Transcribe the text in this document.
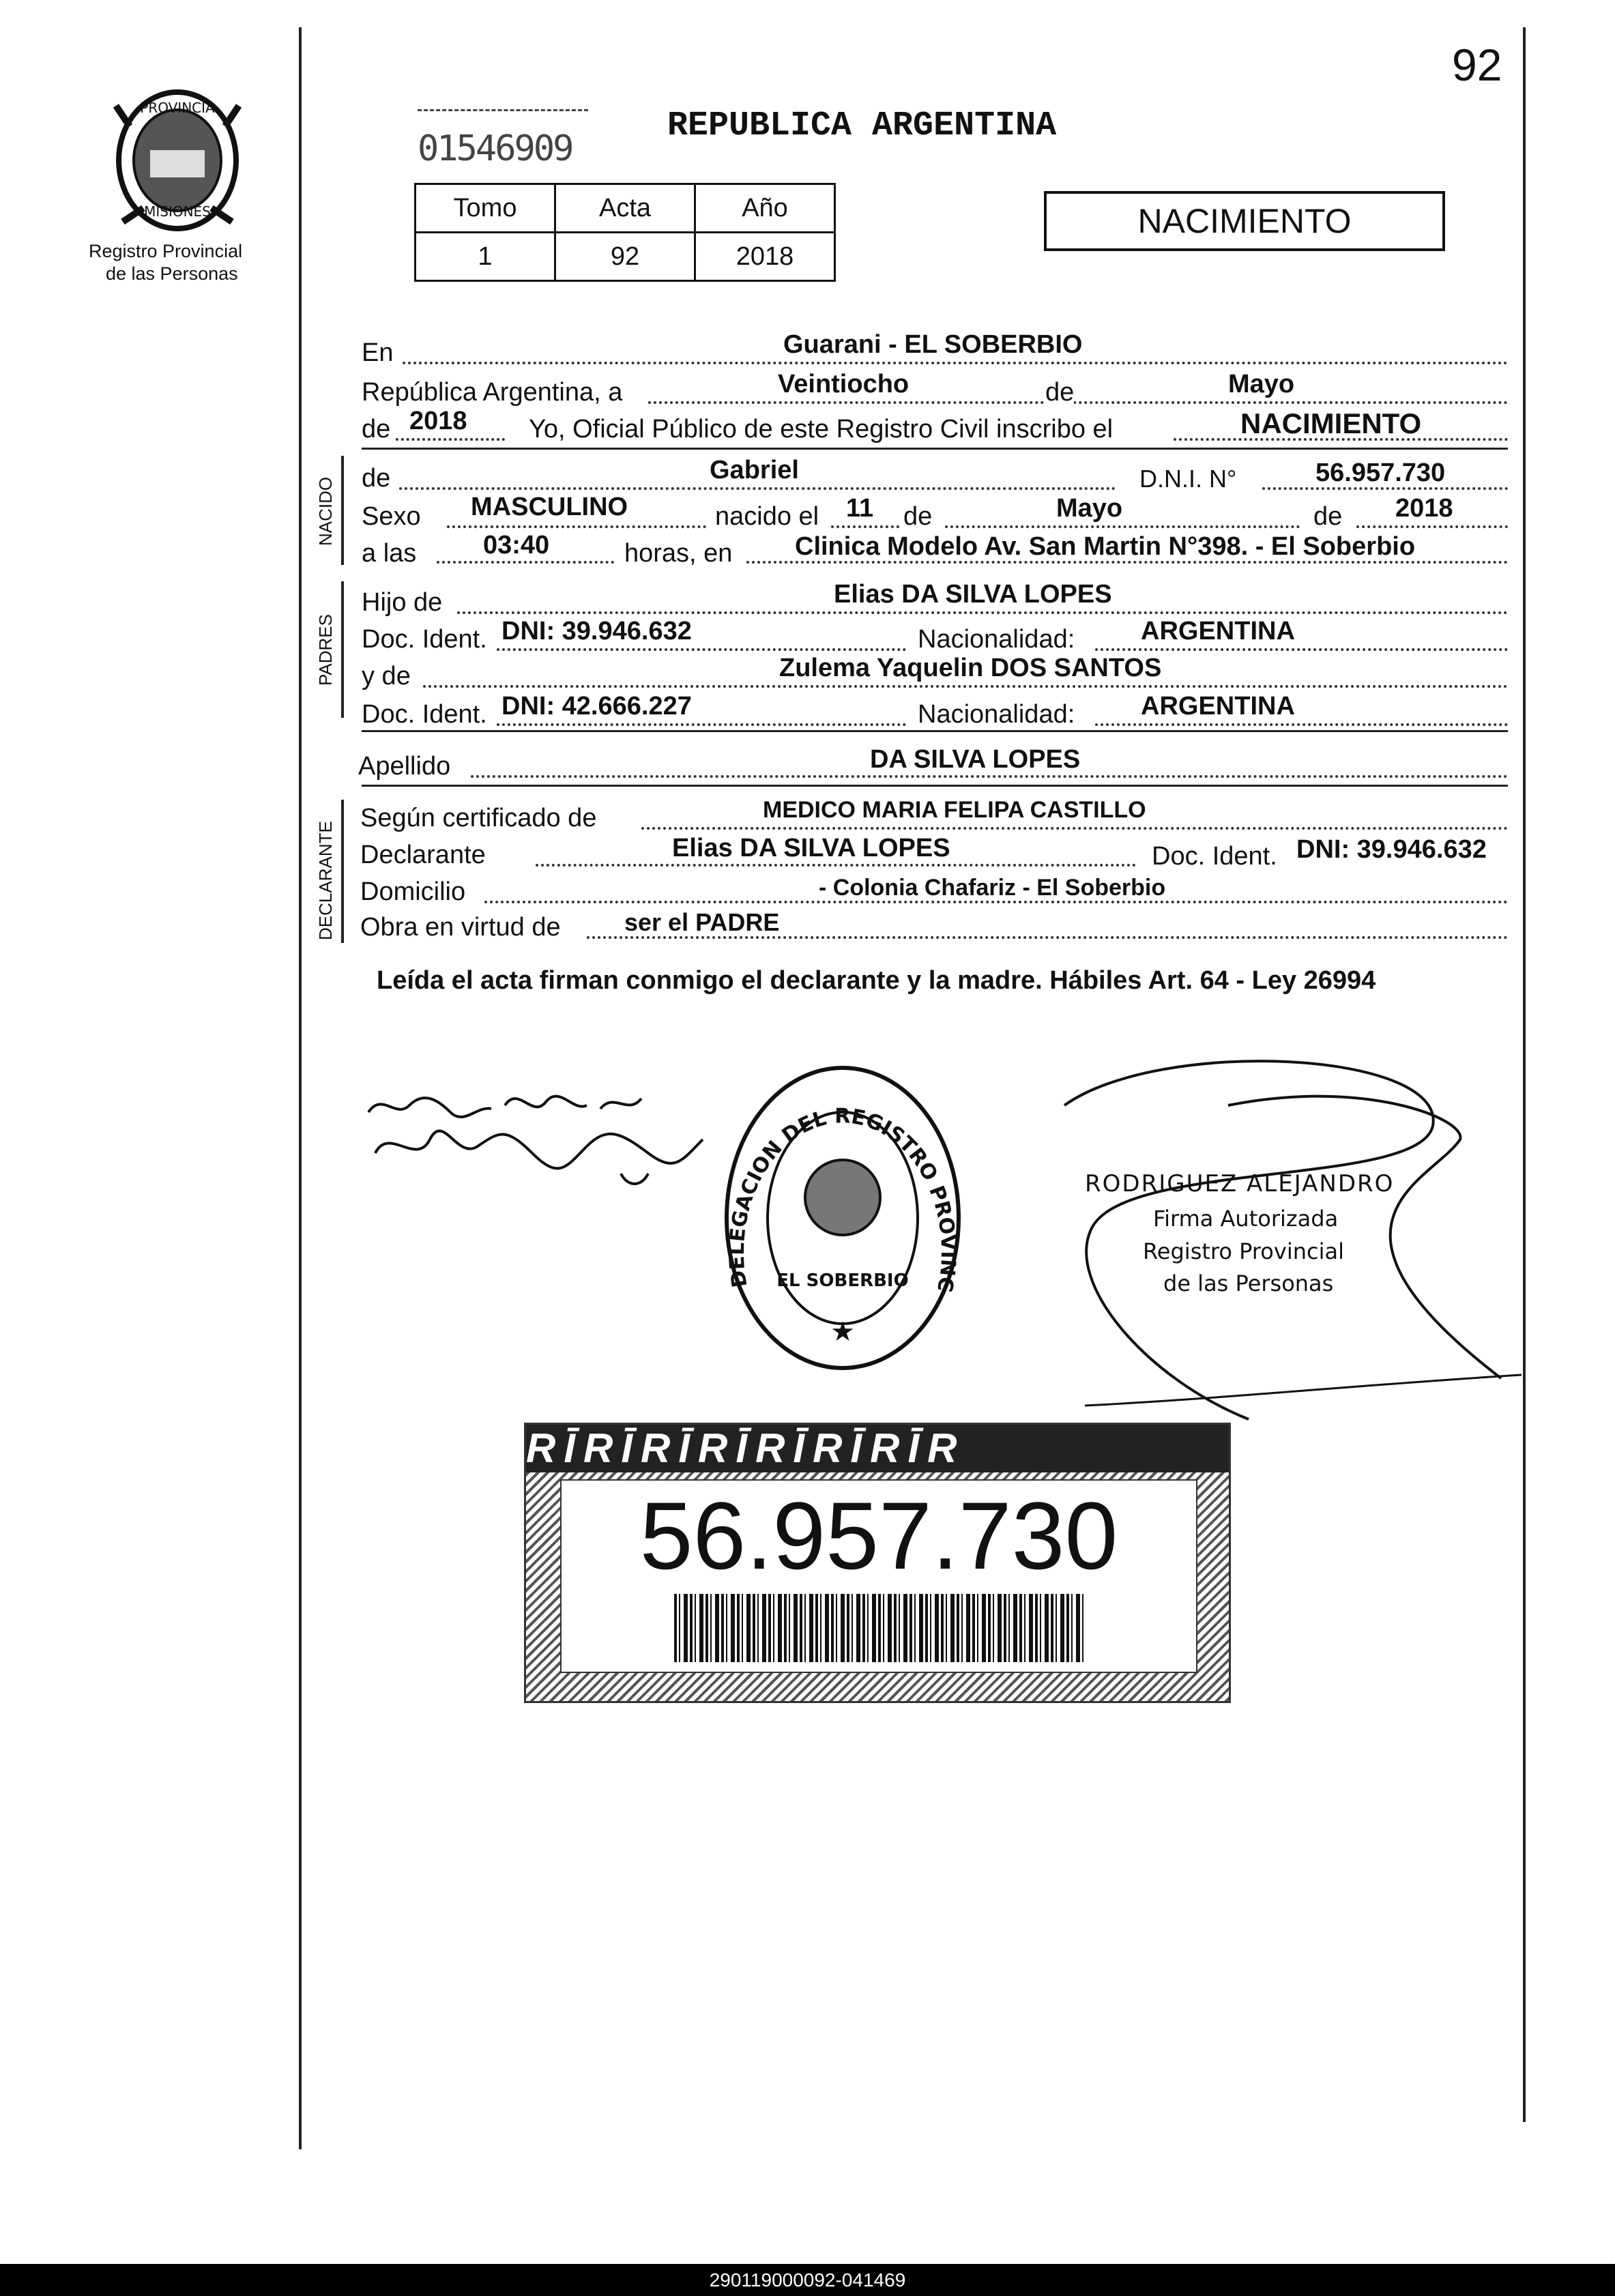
92
PROVINCIA
MISIONES
Registro Provincial
de las Personas
01546909
REPUBLICA ARGENTINA
NACIMIENTO
Tomo	Acta	Año
1	92	2018
En	Guarani - EL SOBERBIO
República Argentina, a	Veintiocho	de	Mayo
de 2018 Yo, Oficial Público de este Registro Civil inscribo el	NACIMIENTO
NACIDO de	Gabriel	D.N.I. N°	56.957.730
Sexo MASCULINO	nacido el 11 de	Mayo	de 2018
a las	03:40	horas, en Clinica Modelo Av. San Martin N°398. - El Soberbio
PADRES
Hijo de	Elias DA SILVA LOPES
Doc. Ident. DNI: 39.946.632	Nacionalidad:	ARGENTINA
y de	Zulema Yaquelin DOS SANTOS
Doc. Ident. DNI: 42.666.227	Nacionalidad:	ARGENTINA
Apellido	DA SILVA LOPES
DECLARANTE
Según certificado de	MEDICO MARIA FELIPA CASTILLO
Declarante	Elias DA SILVA LOPES	Doc. Ident. DNI: 39.946.632
Domicilio	- Colonia Chafariz - El Soberbio
Obra en virtud de	ser el PADRE
Leída el acta firman conmigo el declarante y la madre. Hábiles Art. 64 - Ley 26994
DELEGACION DEL REGISTRO PROVINC
EL SOBERBIO
★
RODRIGUEZ ALEJANDRO
Firma Autorizada
Registro Provincial
de las Personas
RĪRĪRĪRĪRĪRĪRĪR
56.957.730
290119000092-041469
